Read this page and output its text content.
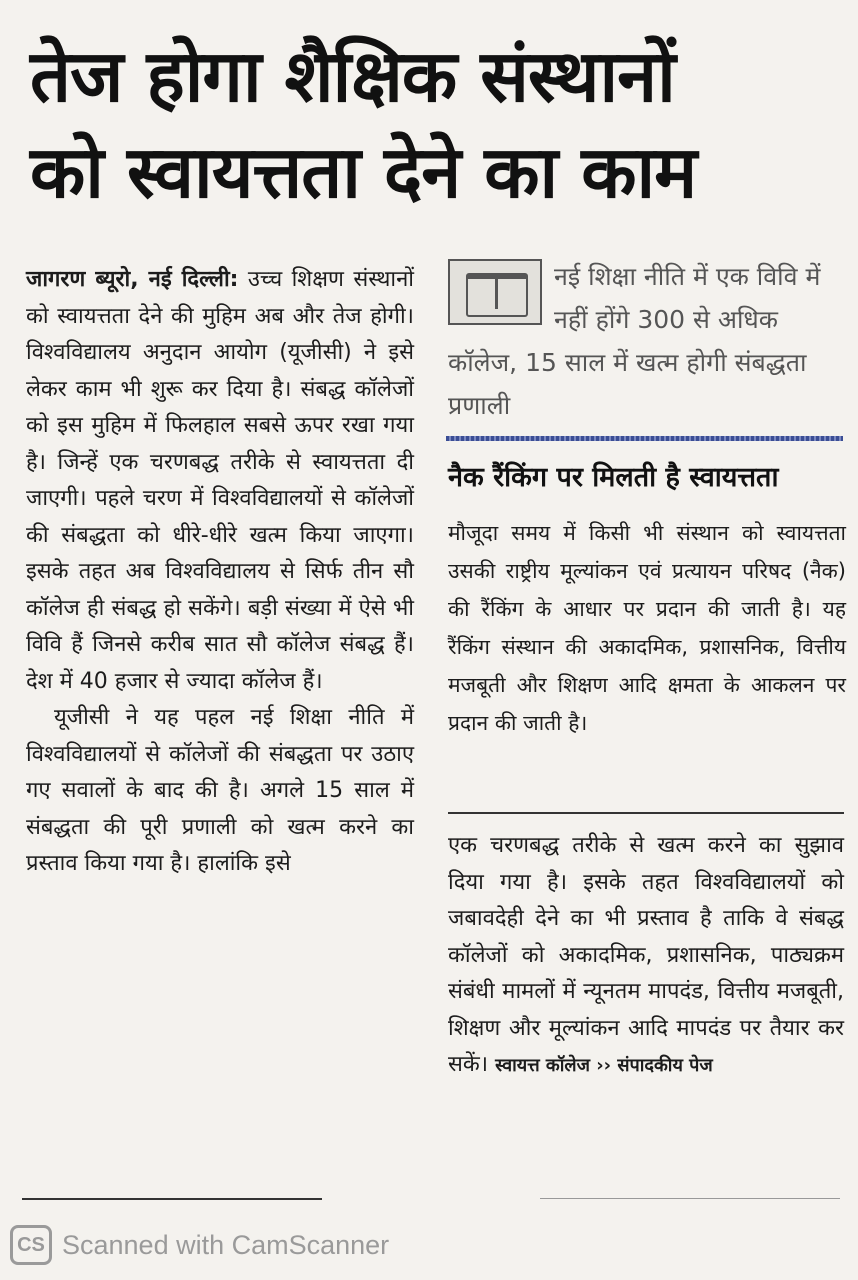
तेज होगा शैक्षिक संस्थानों
को स्वायत्तता देने का काम

जागरण ब्यूरो, नई दिल्ली: उच्च शिक्षण संस्थानों को स्वायत्तता देने की मुहिम अब और तेज होगी। विश्वविद्यालय अनुदान आयोग (यूजीसी) ने इसे लेकर काम भी शुरू कर दिया है। संबद्ध कॉलेजों को इस मुहिम में फिलहाल सबसे ऊपर रखा गया है। जिन्हें एक चरणबद्ध तरीके से स्वायत्तता दी जाएगी। पहले चरण में विश्वविद्यालयों से कॉलेजों की संबद्धता को धीरे-धीरे खत्म किया जाएगा। इसके तहत अब विश्वविद्यालय से सिर्फ तीन सौ कॉलेज ही संबद्ध हो सकेंगे। बड़ी संख्या में ऐसे भी विवि हैं जिनसे करीब सात सौ कॉलेज संबद्ध हैं। देश में 40 हजार से ज्यादा कॉलेज हैं।

यूजीसी ने यह पहल नई शिक्षा नीति में विश्वविद्यालयों से कॉलेजों की संबद्धता पर उठाए गए सवालों के बाद की है। अगले 15 साल में संबद्धता की पूरी प्रणाली को खत्म करने का प्रस्ताव किया गया है। हालांकि इसे

नई शिक्षा नीति में एक विवि में नहीं होंगे 300 से अधिक कॉलेज, 15 साल में खत्म होगी संबद्धता प्रणाली
नैक रैंकिंग पर मिलती है स्वायत्तता
मौजूदा समय में किसी भी संस्थान को स्वायत्तता उसकी राष्ट्रीय मूल्यांकन एवं प्रत्यायन परिषद (नैक) की रैंकिंग के आधार पर प्रदान की जाती है। यह रैंकिंग संस्थान की अकादमिक, प्रशासनिक, वित्तीय मजबूती और शिक्षण आदि क्षमता के आकलन पर प्रदान की जाती है।

एक चरणबद्ध तरीके से खत्म करने का सुझाव दिया गया है। इसके तहत विश्वविद्यालयों को जबावदेही देने का भी प्रस्ताव है ताकि वे संबद्ध कॉलेजों को अकादमिक, प्रशासनिक, पाठ्यक्रम संबंधी मामलों में न्यूनतम मापदंड, वित्तीय मजबूती, शिक्षण और मूल्यांकन आदि मापदंड पर तैयार कर सकें। स्वायत्त कॉलेज ›› संपादकीय पेज

CS Scanned with CamScanner
